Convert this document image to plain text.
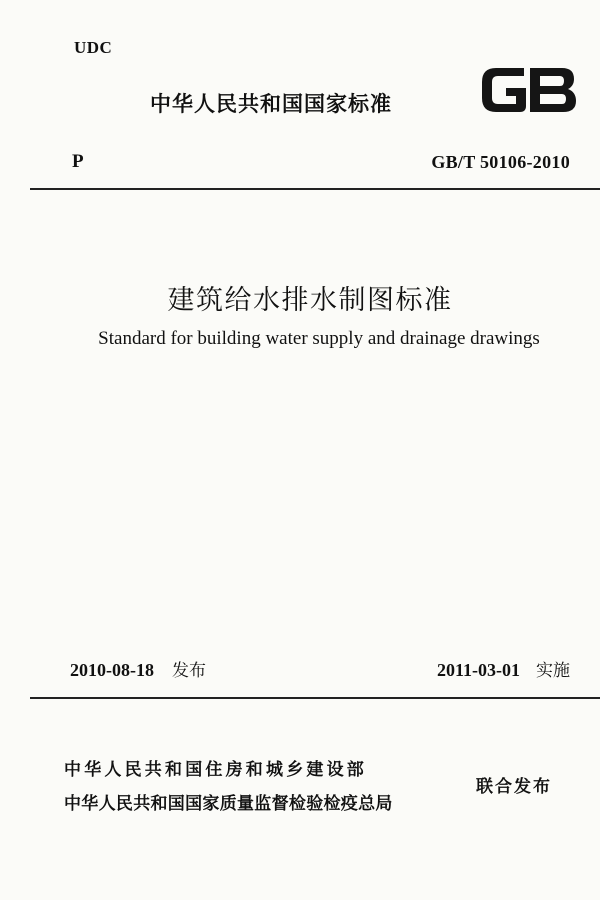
UDC
中华人民共和国国家标准
P	GB/T 50106-2010
建筑给水排水制图标准
Standard for building water supply and drainage drawings
2010-08-18 发布	2011-03-01 实施
中华人民共和国住房和城乡建设部
中华人民共和国国家质量监督检验检疫总局
联合发布
